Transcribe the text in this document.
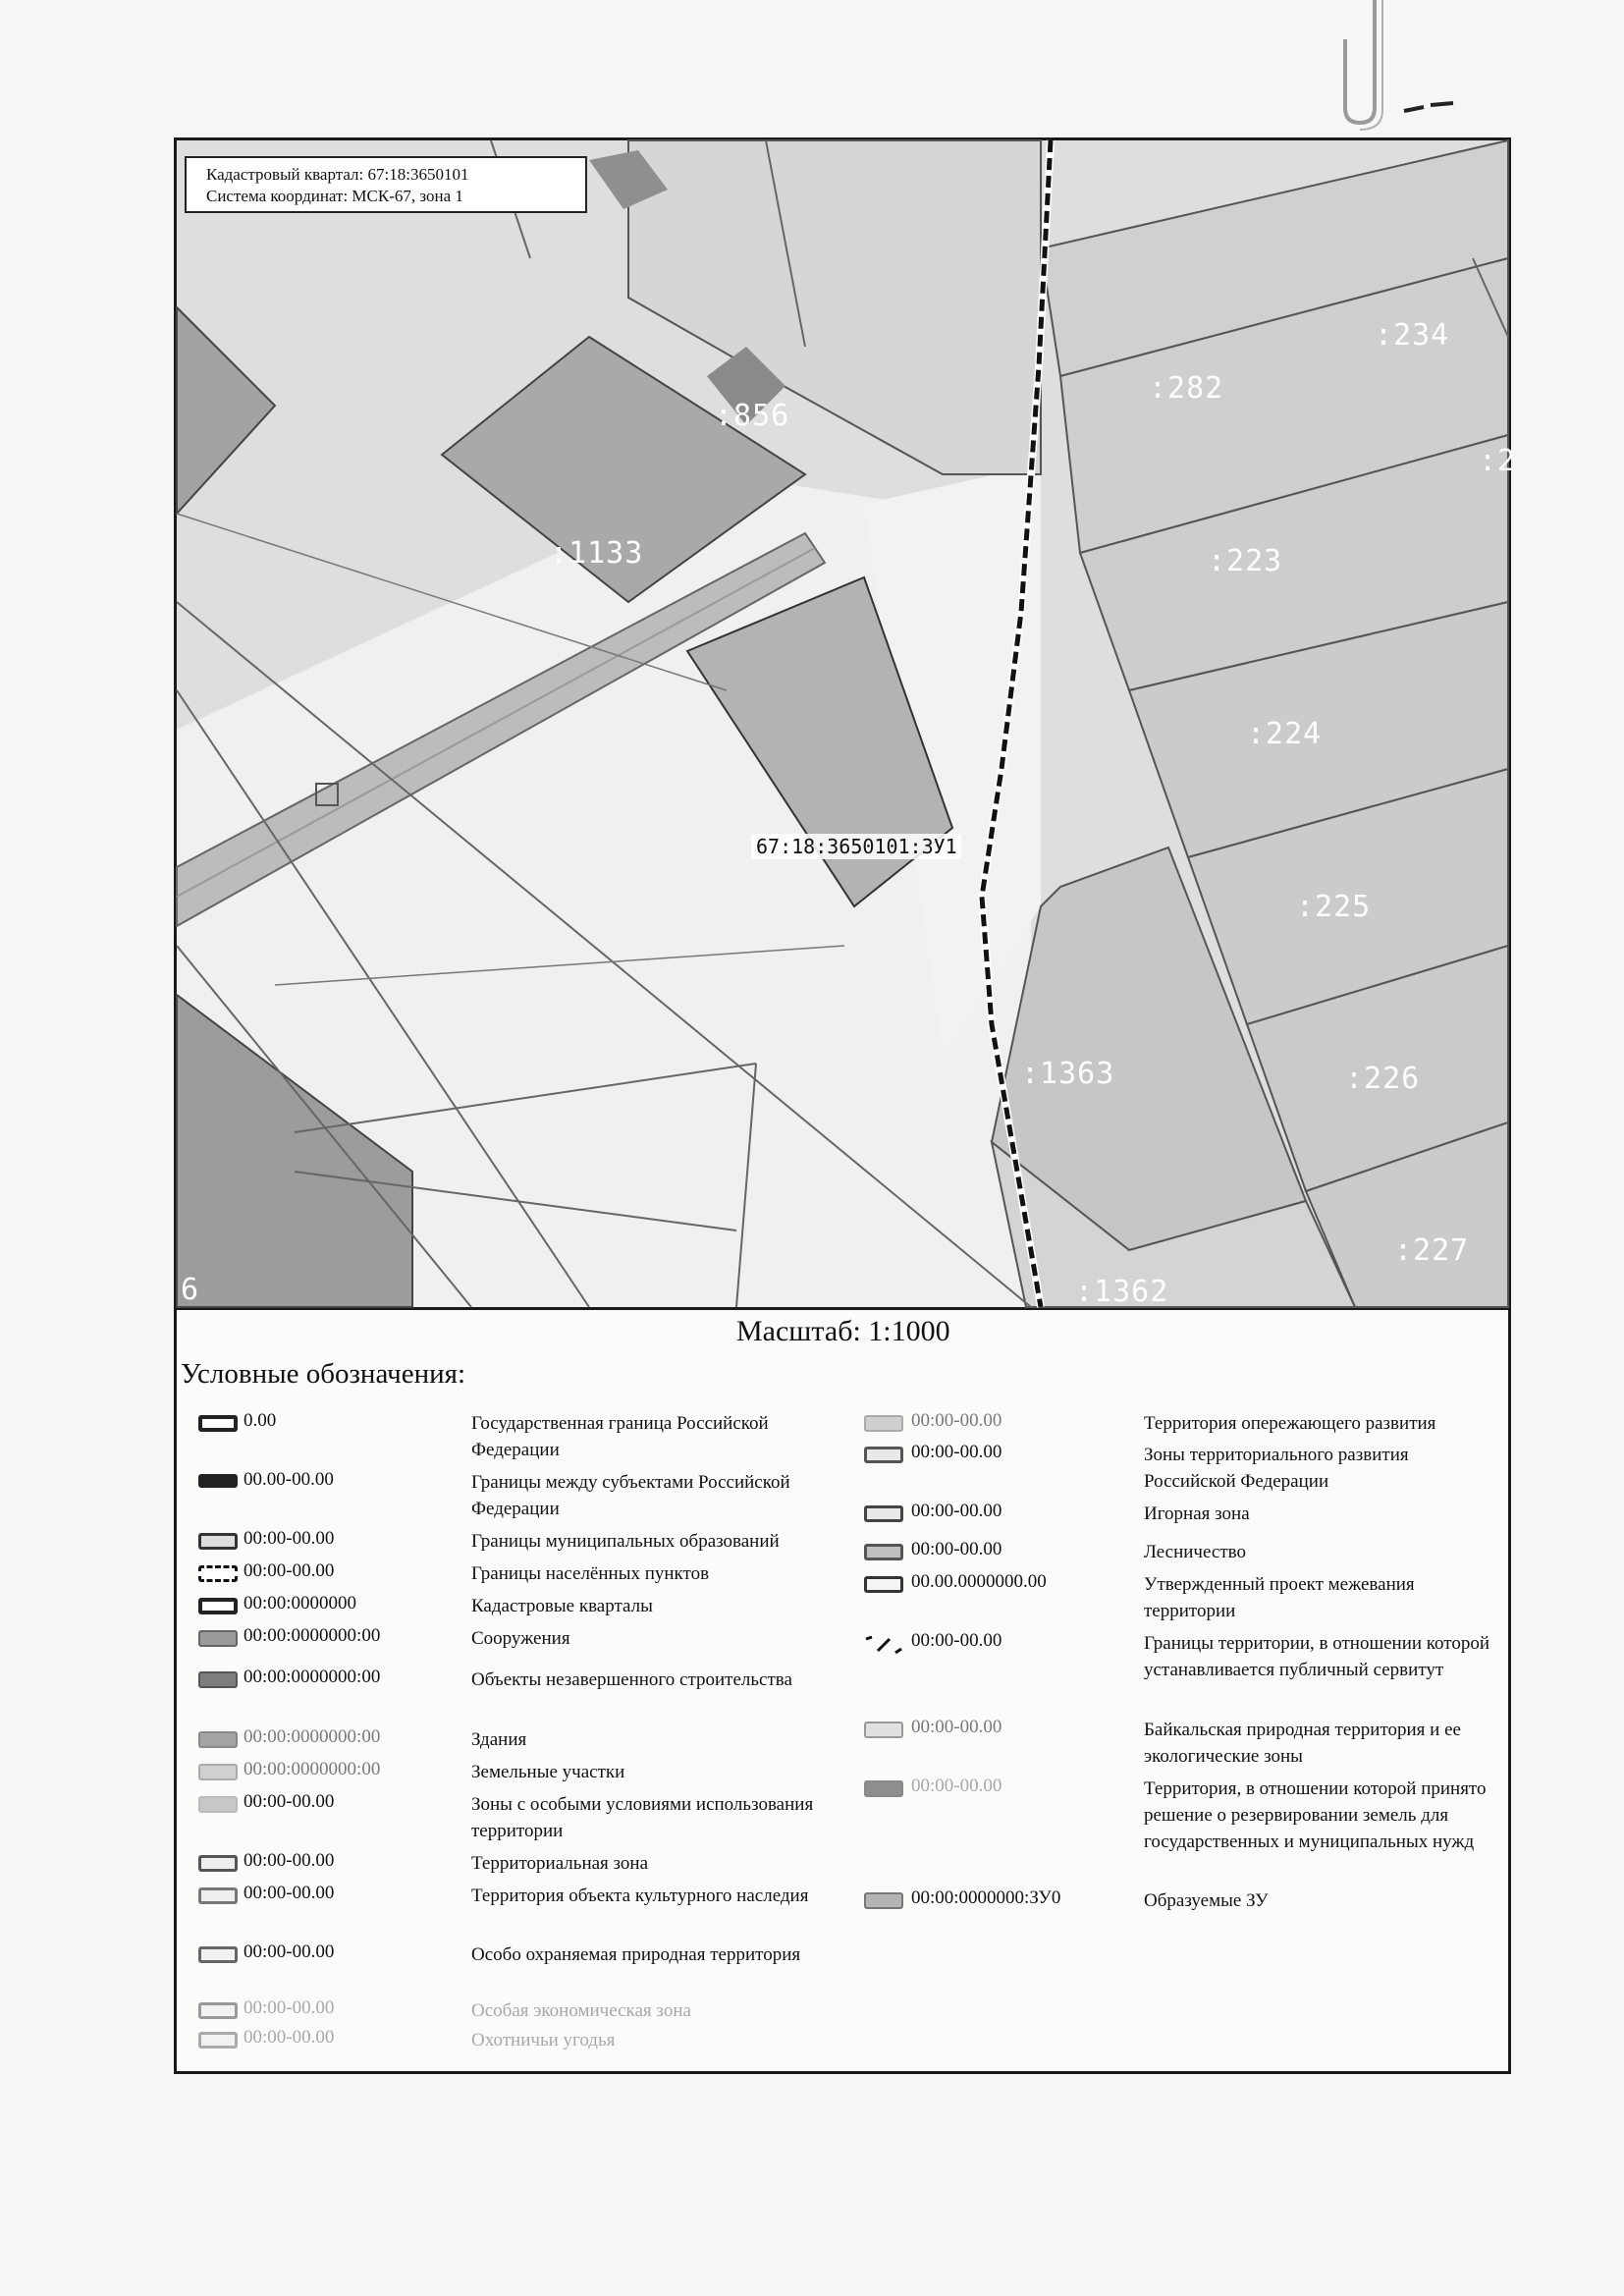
:856
:234
:282
:2
:1133	:223
:224
:225
:226
:227
:1363
:1362
6
67:18:3650101:ЗУ1
Кадастровый квартал: 67:18:3650101
Система координат: МСК-67, зона 1
Масштаб: 1:1000
Условные обозначения:
0.00	Государственная граница Российской Федерации
00.00-00.00	Границы между субъектами Российской Федерации
00:00-00.00	Границы муниципальных образований
00:00-00.00	Границы населённых пунктов
00:00:0000000	Кадастровые кварталы
00:00:0000000:00	Сооружения
00:00:0000000:00	Объекты незавершенного строительства
00:00:0000000:00	Здания
00:00:0000000:00	Земельные участки
00:00-00.00	Зоны с особыми условиями использования территории
00:00-00.00	Территориальная зона
00:00-00.00	Территория объекта культурного наследия
00:00-00.00	Особо охраняемая природная территория
00:00-00.00	Особая экономическая зона
00:00-00.00	Охотничьи угодья
00:00-00.00	Территория опережающего развития
00:00-00.00	Зоны территориального развития Российской Федерации
00:00-00.00	Игорная зона
00:00-00.00	Лесничество
00.00.0000000.00	Утвержденный проект межевания территории
00:00-00.00	Границы территории, в отношении которой устанавливается публичный сервитут
00:00-00.00	Байкальская природная территория и ее экологические зоны
00:00-00.00	Территория, в отношении которой принято решение о резервировании земель для государственных и муниципальных нужд
00:00:0000000:ЗУ0	Образуемые ЗУ
